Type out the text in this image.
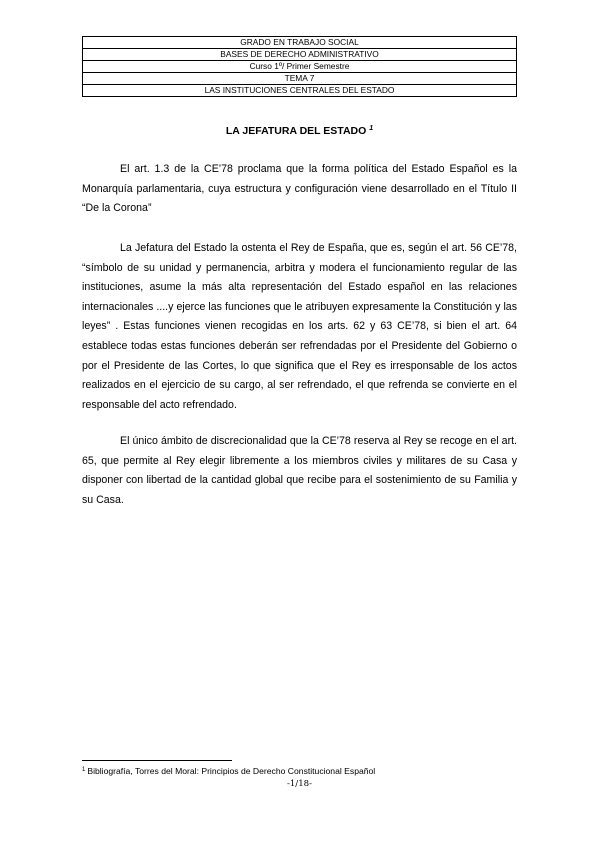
GRADO EN TRABAJO SOCIAL
BASES DE DERECHO ADMINISTRATIVO
Curso 1º/ Primer Semestre
TEMA 7
LAS INSTITUCIONES CENTRALES DEL ESTADO
LA JEFATURA DEL ESTADO $^1$

El art. 1.3 de la CE’78 proclama que la forma política del Estado Español es la Monarquía parlamentaria, cuya estructura y configuración viene desarrollado en el Título II “De la Corona”

La Jefatura del Estado la ostenta el Rey de España, que es, según el art. 56 CE’78, “símbolo de su unidad y permanencia, arbitra y modera el funcionamiento regular de las instituciones, asume la más alta representación del Estado español en las relaciones internacionales ....y ejerce las funciones que le atribuyen expresamente la Constitución y las leyes” . Estas funciones vienen recogidas en los arts. 62 y 63 CE’78, si bien el art. 64 establece todas estas funciones deberán ser refrendadas por el Presidente del Gobierno o por el Presidente de las Cortes, lo que significa que el Rey es irresponsable de los actos realizados en el ejercicio de su cargo, al ser refrendado, el que refrenda se convierte en el responsable del acto refrendado.

El único ámbito de discrecionalidad que la CE’78 reserva al Rey se recoge en el art. 65, que permite al Rey elegir libremente a los miembros civiles y militares de su Casa y disponer con libertad de la cantidad global que recibe para el sostenimiento de su Familia y su Casa.

$^1$ Bibliografía, Torres del Moral: Principios de Derecho Constitucional Español
-1/18-
